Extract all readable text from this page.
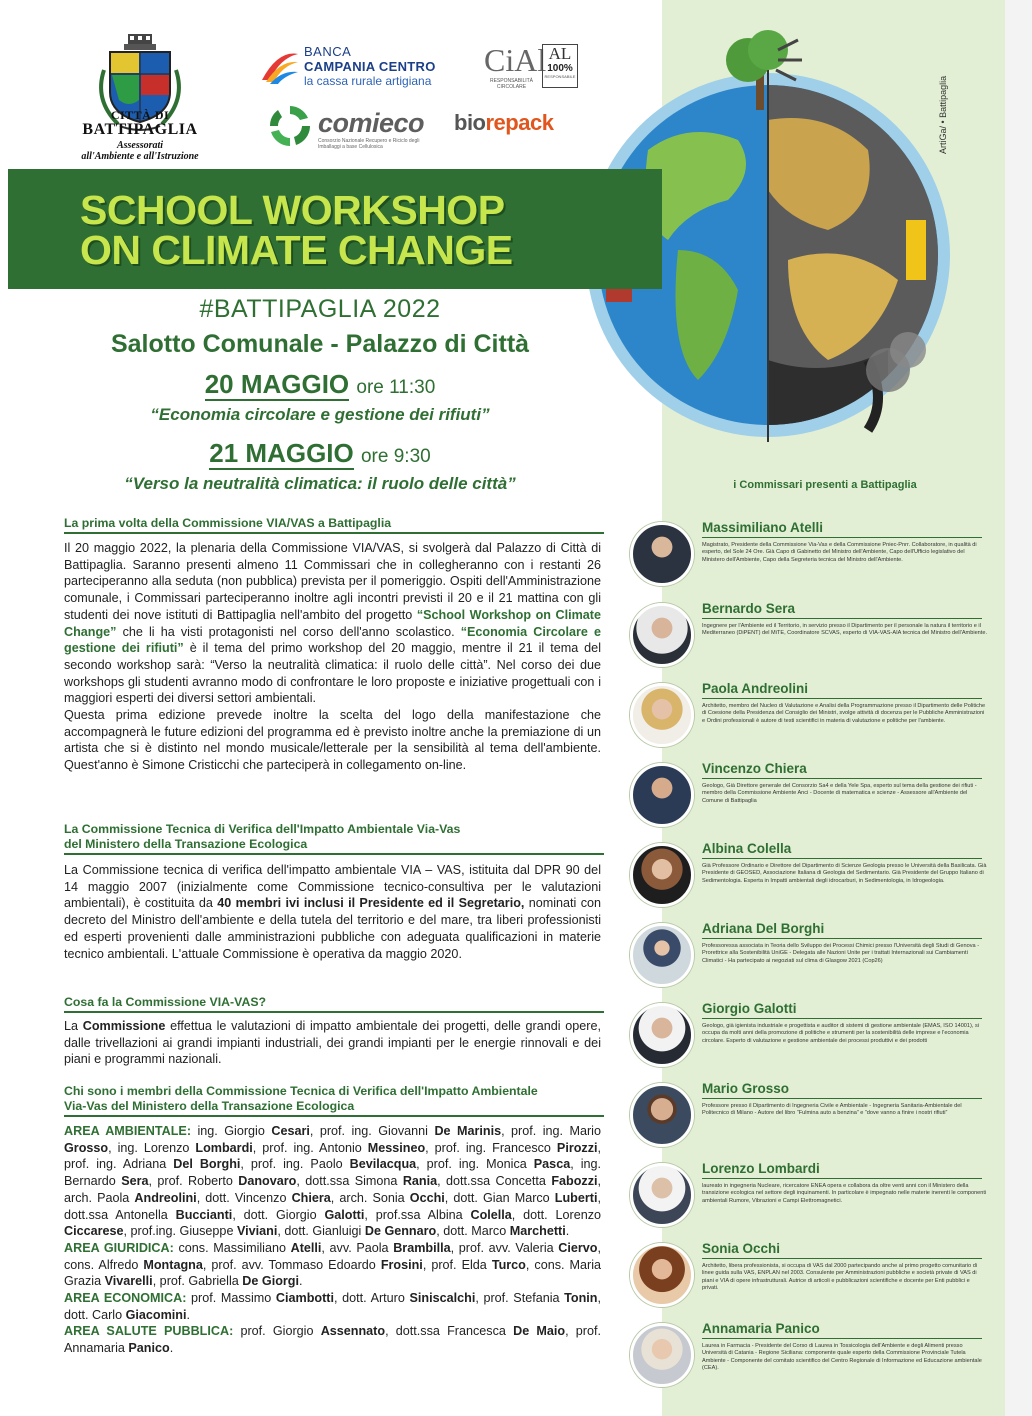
CITTÀ DI
BATTIPAGLIA
Assessorati
all'Ambiente e all'Istruzione
BANCA
CAMPANIA CENTRO
la cassa rurale artigiana
CiAl
RESPONSABILITÀ CIRCOLARE
AL
100%
RESPONSABILE
comieco
Consorzio Nazionale Recupero e Riciclo degli Imballaggi a base Cellulosica
biorepack	ArtiGa/ • Battipaglia
SCHOOL WORKSHOP
ON CLIMATE CHANGE
#BATTIPAGLIA 2022
Salotto Comunale - Palazzo di Città
20 MAGGIO ore 11:30
“Economia circolare e gestione dei rifiuti”
21 MAGGIO ore 9:30
“Verso la neutralità climatica: il ruolo delle città”	i Commissari presenti a Battipaglia
La prima volta della Commissione VIA/VAS a Battipaglia
Il 20 maggio 2022, la plenaria della Commissione VIA/VAS, si svolgerà dal Palazzo di Città di Battipaglia. Saranno presenti almeno 11 Commissari che in collegheranno con i restanti 26 parteciperanno alla seduta (non pubblica) prevista per il pomeriggio. Ospiti dell'Amministrazione comunale, i Commissari parteciperanno inoltre agli incontri previsti il 20 e il 21 mattina con gli studenti dei nove istituti di Battipaglia nell'ambito del progetto “School Workshop on Climate Change” che li ha visti protagonisti nel corso dell'anno scolastico. “Economia Circolare e gestione dei rifiuti” è il tema del primo workshop del 20 maggio, mentre il 21 il tema del secondo workshop sarà: “Verso la neutralità climatica: il ruolo delle città”. Nel corso dei due workshops gli studenti avranno modo di confrontare le loro proposte e iniziative progettuali con i maggiori esperti dei diversi settori ambientali.
Questa prima edizione prevede inoltre la scelta del logo della manifestazione che accompagnerà le future edizioni del programma ed è previsto inoltre anche la premiazione di un artista che si è distinto nel mondo musicale/letterale per la sensibilità al tema dell'ambiente. Quest'anno è Simone Cristicchi che parteciperà in collegamento on-line.
La Commissione Tecnica di Verifica dell'Impatto Ambientale Via-Vas
del Ministero della Transazione Ecologica
La Commissione tecnica di verifica dell'impatto ambientale VIA – VAS, istituita dal DPR 90 del 14 maggio 2007 (inizialmente come Commissione tecnico-consultiva per le valutazioni ambientali), è costituita da 40 membri ivi inclusi il Presidente ed il Segretario, nominati con decreto del Ministro dell'ambiente e della tutela del territorio e del mare, tra liberi professionisti ed esperti provenienti dalle amministrazioni pubbliche con adeguata qualificazioni in materie tecnico ambientali. L'attuale Commissione è operativa da maggio 2020.
Cosa fa la Commissione VIA-VAS?
La Commissione effettua le valutazioni di impatto ambientale dei progetti, delle grandi opere, dalle trivellazioni ai grandi impianti industriali, dei grandi impianti per le energie rinnovali e dei piani e programmi nazionali.
Chi sono i membri della Commissione Tecnica di Verifica dell'Impatto Ambientale
Via-Vas del Ministero della Transazione Ecologica
AREA AMBIENTALE: ing. Giorgio Cesari, prof. ing. Giovanni De Marinis, prof. ing. Mario Grosso, ing. Lorenzo Lombardi, prof. ing. Antonio Messineo, prof. ing. Francesco Pirozzi, prof. ing. Adriana Del Borghi, prof. ing. Paolo Bevilacqua, prof. ing. Monica Pasca, ing. Bernardo Sera, prof. Roberto Danovaro, dott.ssa Simona Rania, dott.ssa Concetta Fabozzi, arch. Paola Andreolini, dott. Vincenzo Chiera, arch. Sonia Occhi, dott. Gian Marco Luberti, dott.ssa Antonella Buccianti, dott. Giorgio Galotti, prof.ssa Albina Colella, dott. Lorenzo Ciccarese, prof.ing. Giuseppe Viviani, dott. Gianluigi De Gennaro, dott. Marco Marchetti.
AREA GIURIDICA: cons. Massimiliano Atelli, avv. Paola Brambilla, prof. avv. Valeria Ciervo, cons. Alfredo Montagna, prof. avv. Tommaso Edoardo Frosini, prof. Elda Turco, cons. Maria Grazia Vivarelli, prof. Gabriella De Giorgi.
AREA ECONOMICA: prof. Massimo Ciambotti, dott. Arturo Siniscalchi, prof. Stefania Tonin, dott. Carlo Giacomini.
AREA SALUTE PUBBLICA: prof. Giorgio Assennato, dott.ssa Francesca De Maio, prof. Annamaria Panico.
Massimiliano Atelli
Magistrato, Presidente della Commissione Via-Vas e della Commissione Pniec-Pnrr. Collaboratore, in qualità di esperto, del Sole 24 Ore. Già Capo di Gabinetto del Ministro dell'Ambiente, Capo dell'Ufficio legislativo del Ministero dell'Ambiente, Capo della Segreteria tecnica del Ministro dell'Ambiente.
Bernardo Sera
Ingegnere per l'Ambiente ed il Territorio, in servizio presso il Dipartimento per il personale la natura il territorio e il Mediterraneo (DiPENT) del MiTE, Coordinatore SCVAS, esperto di VIA-VAS-AIA tecnica del Ministro dell'Ambiente.
Paola Andreolini
Architetto, membro del Nucleo di Valutazione e Analisi della Programmazione presso il Dipartimento delle Politiche di Coesione della Presidenza del Consiglio dei Ministri, svolge attività di docenza per le Pubbliche Amministrazioni e Ordini professionali è autore di testi scientifici in materia di valutazione e politiche per l'ambiente.
Vincenzo Chiera
Geologo, Già Direttore generale del Consorzio Sa4 e della Yele Spa, esperto sul tema della gestione dei rifiuti - membro della Commissione Ambiente Anci - Docente di matematica e scienze - Assessore all'Ambiente del Comune di Battipaglia
Albina Colella
Già Professore Ordinario e Direttore del Dipartimento di Scienze Geologia presso le Università della Basilicata. Già Presidente di GEOSED, Associazione Italiana di Geologia del Sedimentario. Già Presidente del Gruppo Italiano di Sedimentologia. Esperta in Impatti ambientali degli idrocarburi, in Sedimentologia, in Idrogeologia.
Adriana Del Borghi
Professoressa associata in Teoria dello Sviluppo dei Processi Chimici presso l'Università degli Studi di Genova - Prorettrice alla Sostenibilità UniGE - Delegata alle Nazioni Unite per i trattati Internazionali sui Cambiamenti Climatici - Ha partecipato ai negoziati sul clima di Glasgow 2021 (Cop26)
Giorgio Galotti
Geologo, già igienista industriale e progettista e auditor di sistemi di gestione ambientale (EMAS, ISO 14001), si occupa da molti anni della promozione di politiche e strumenti per la sostenibilità delle imprese e l'economia circolare. Esperto di valutazione e gestione ambientale dei processi produttivi e dei prodotti
Mario Grosso
Professore presso il Dipartimento di Ingegneria Civile e Ambientale - Ingegneria Sanitaria-Ambientale del Politecnico di Milano - Autore del libro “Fulmina auto a benzina” e “dove vanno a finire i nostri rifiuti”
Lorenzo Lombardi
laureato in ingegneria Nucleare, ricercatore ENEA opera e collabora da oltre venti anni con il Ministero della transizione ecologica nel settore degli inquinamenti. In particolare è impegnato nelle materie inerenti le componenti ambientali Rumore, Vibrazioni e Campi Elettromagnetici.
Sonia Occhi
Architetto, libera professionista, si occupa di VAS dal 2000 partecipando anche al primo progetto comunitario di linee guida sulla VAS, ENPLAN nel 2003. Consulente per Amministrazioni pubbliche e società private di VAS di piani e VIA di opere infrastrutturali. Autrice di articoli e pubblicazioni scientifiche e docente per Enti pubblici e privati.
Annamaria Panico
Laurea in Farmacia - Presidente del Corso di Laurea in Tossicologia dell'Ambiente e degli Alimenti presso Università di Catania - Regione Siciliana: componente quale esperto della Commissione Provinciale Tutela Ambiente - Componente del comitato scientifico del Centro Regionale di Informazione ed Educazione ambientale (CEA).
